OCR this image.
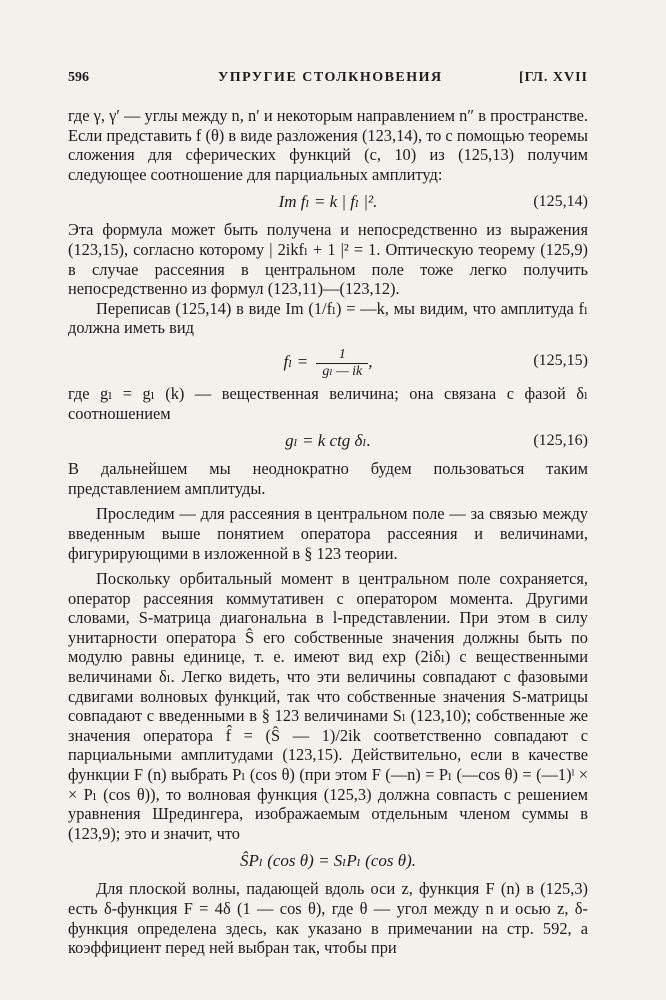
596	УПРУГИЕ СТОЛКНОВЕНИЯ	[ГЛ. XVII

где γ, γ′ — углы между n, n′ и некоторым направлением n″ в пространстве. Если представить f (θ) в виде разложения (123,14), то с помощью теоремы сложения для сферических функций (с, 10) из (125,13) получим следующее соотношение для парциальных амплитуд:

Im fₗ = k | fₗ |².	(125,14)

Эта формула может быть получена и непосредственно из выражения (123,15), согласно которому | 2ikfₗ + 1 |² = 1. Оптическую теорему (125,9) в случае рассеяния в центральном поле тоже легко получить непосредственно из формул (123,11)—(123,12).

Переписав (125,14) в виде Im (1/fₗ) = —k, мы видим, что амплитуда fₗ должна иметь вид

$f_l = \frac{1}{\text{gₗ — ik}}$ ,	(125,15)

где gₗ = gₗ (k) — вещественная величина; она связана с фазой δₗ соотношением

gₗ = k ctg δₗ.	(125,16)

В дальнейшем мы неоднократно будем пользоваться таким представлением амплитуды.

Проследим — для рассеяния в центральном поле — за связью между введенным выше понятием оператора рассеяния и величинами, фигурирующими в изложенной в § 123 теории.

Поскольку орбитальный момент в центральном поле сохраняется, оператор рассеяния коммутативен с оператором момента. Другими словами, S-матрица диагональна в l-представлении. При этом в силу унитарности оператора Ŝ его собственные значения должны быть по модулю равны единице, т. е. имеют вид exp (2iδₗ) с вещественными величинами δₗ. Легко видеть, что эти величины совпадают с фазовыми сдвигами волновых функций, так что собственные значения S-матрицы совпадают с введенными в § 123 величинами Sₗ (123,10); собственные же значения оператора f̂ = (Ŝ — 1)/2ik соответственно совпадают с парциальными амплитудами (123,15). Действительно, если в качестве функции F (n) выбрать Pₗ (cos θ) (при этом F (—n) = Pₗ (—cos θ) = (—1)ˡ × × Pₗ (cos θ)), то волновая функция (125,3) должна совпасть с решением уравнения Шредингера, изображаемым отдельным членом суммы в (123,9); это и значит, что

ŜPₗ (cos θ) = SₗPₗ (cos θ).

Для плоской волны, падающей вдоль оси z, функция F (n) в (125,3) есть δ-функция F = 4δ (1 — cos θ), где θ — угол между n и осью z, δ-функция определена здесь, как указано в примечании на стр. 592, а коэффициент перед ней выбран так, чтобы при
